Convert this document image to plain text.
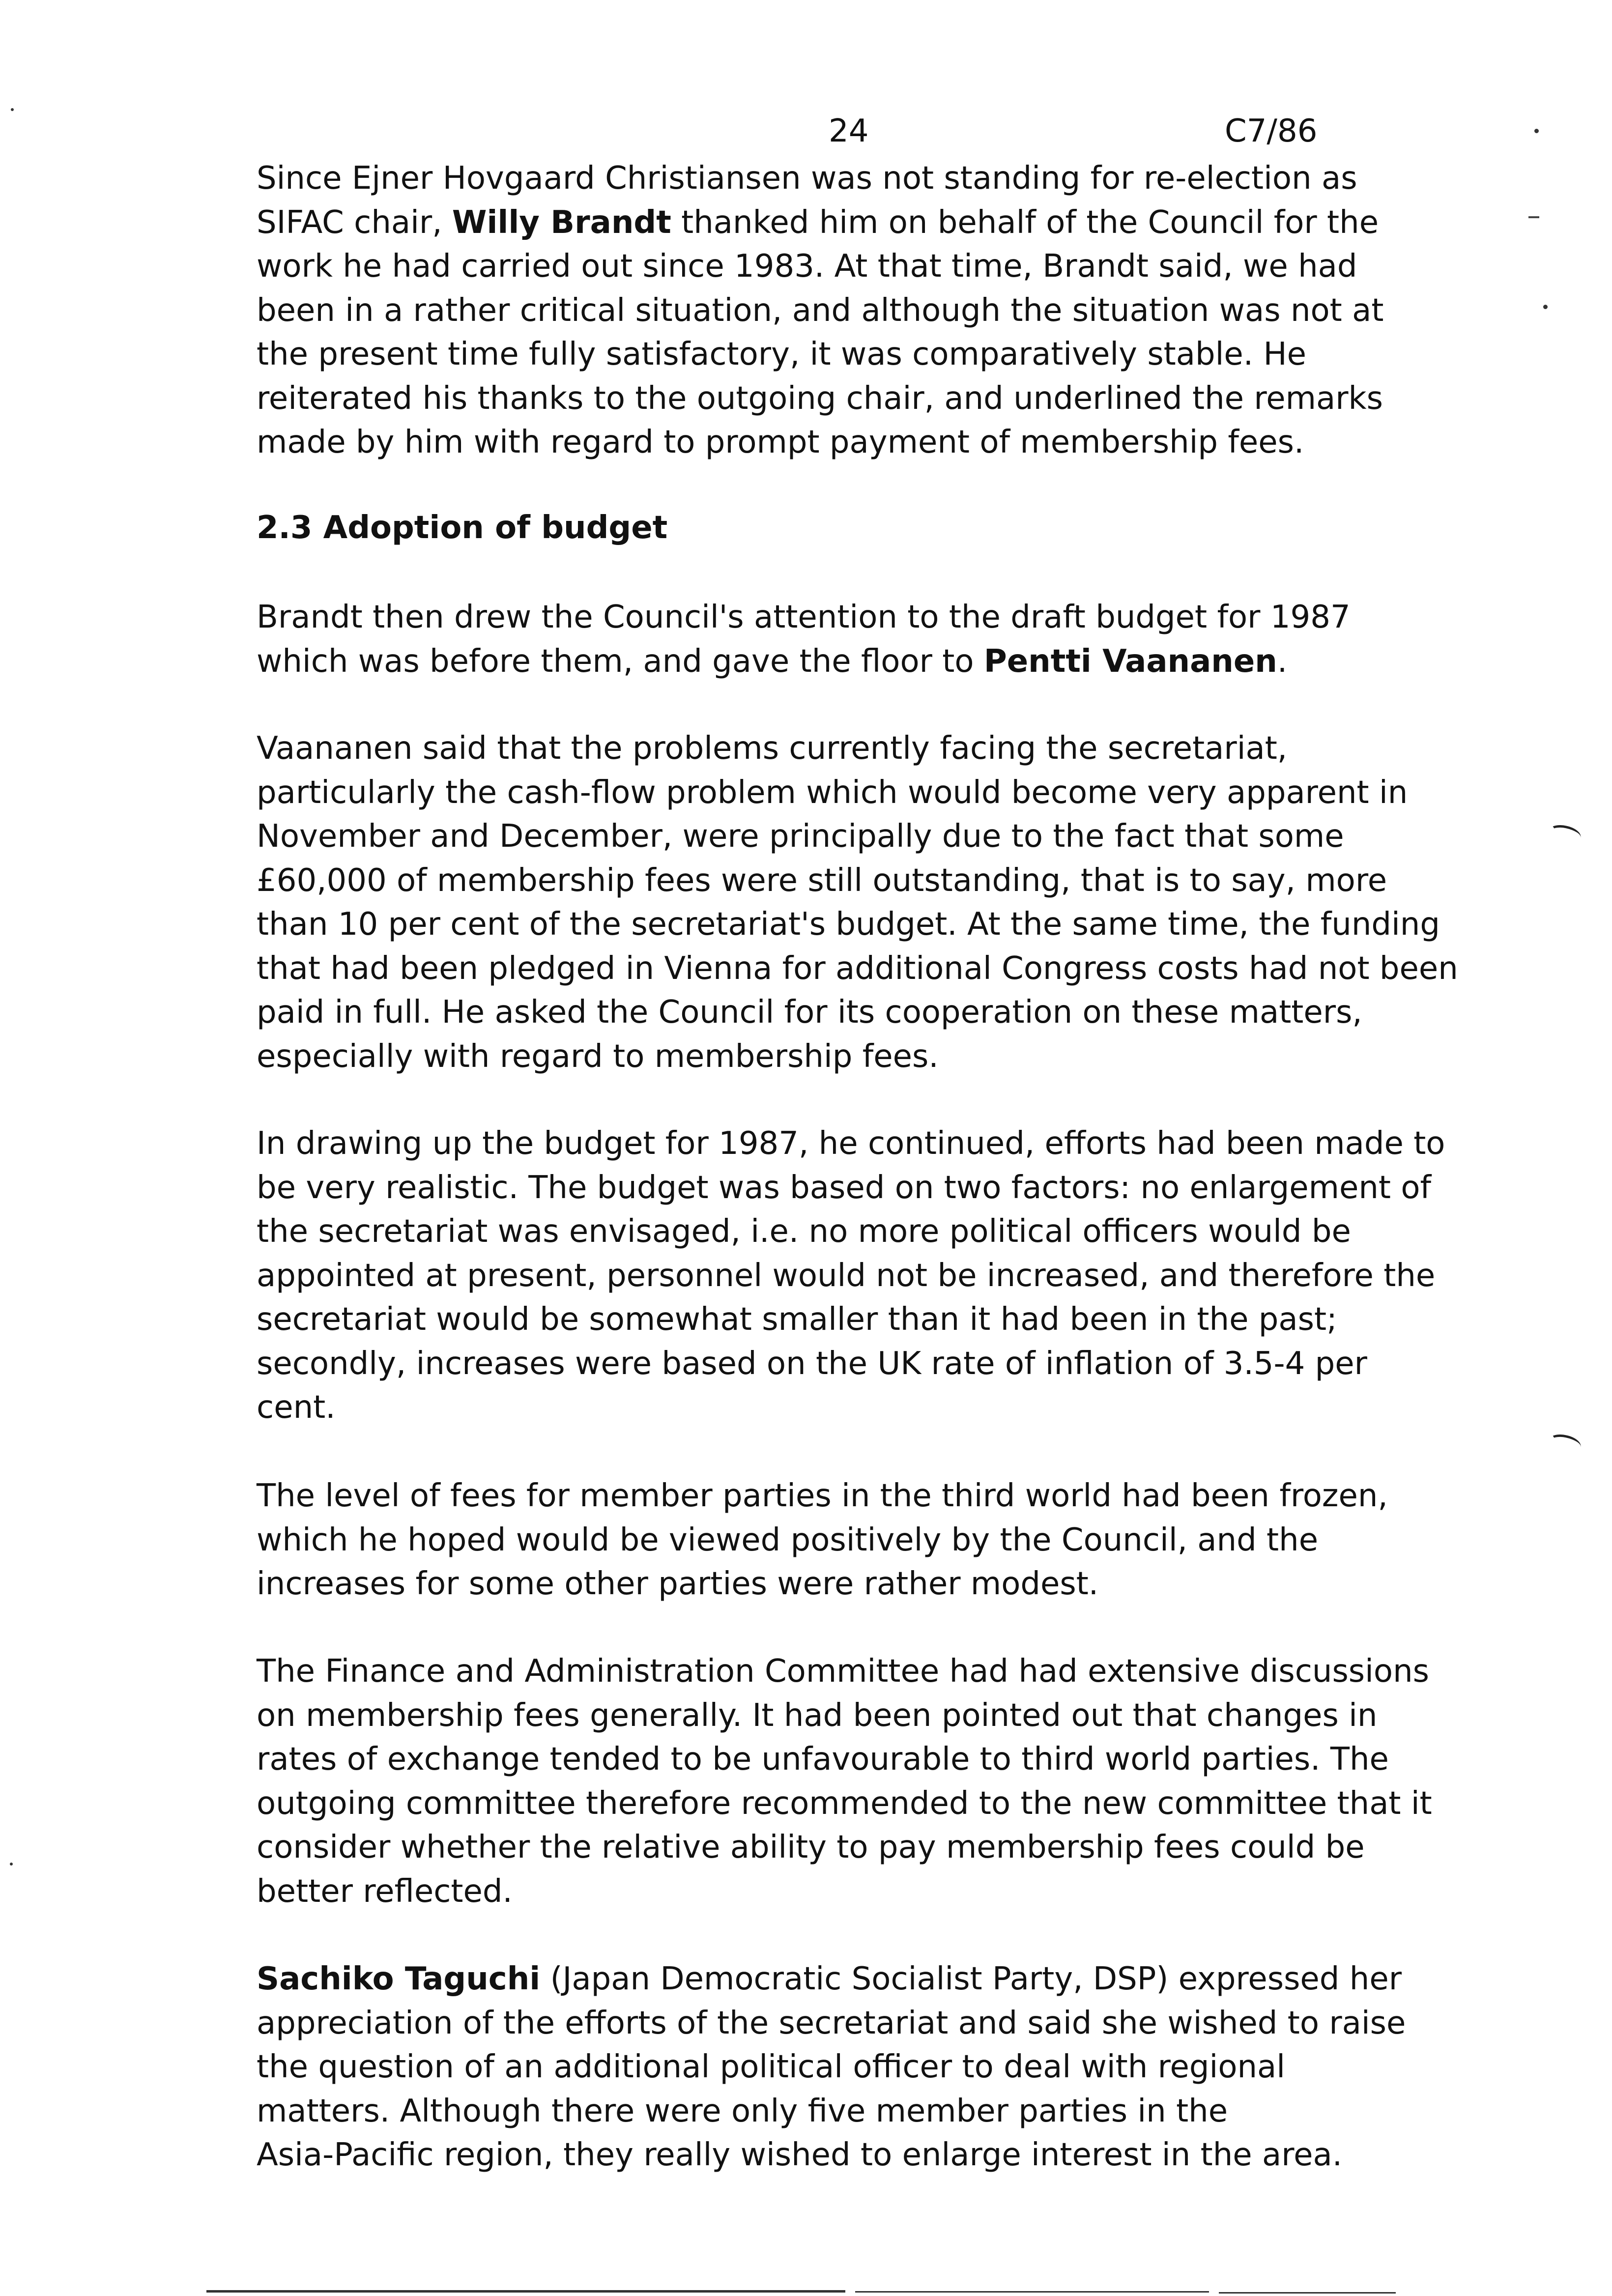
24	C7/86

Since Ejner Hovgaard Christiansen was not standing for re-election as
SIFAC chair, Willy Brandt thanked him on behalf of the Council for the
work he had carried out since 1983. At that time, Brandt said, we had
been in a rather critical situation, and although the situation was not at
the present time fully satisfactory, it was comparatively stable. He
reiterated his thanks to the outgoing chair, and underlined the remarks
made by him with regard to prompt payment of membership fees.

2.3 Adoption of budget

Brandt then drew the Council's attention to the draft budget for 1987
which was before them, and gave the floor to Pentti Vaananen.

Vaananen said that the problems currently facing the secretariat,
particularly the cash-flow problem which would become very apparent in
November and December, were principally due to the fact that some
£60,000 of membership fees were still outstanding, that is to say, more
than 10 per cent of the secretariat's budget. At the same time, the funding
that had been pledged in Vienna for additional Congress costs had not been
paid in full. He asked the Council for its cooperation on these matters,
especially with regard to membership fees.

In drawing up the budget for 1987, he continued, efforts had been made to
be very realistic. The budget was based on two factors: no enlargement of
the secretariat was envisaged, i.e. no more political officers would be
appointed at present, personnel would not be increased, and therefore the
secretariat would be somewhat smaller than it had been in the past;
secondly, increases were based on the UK rate of inflation of 3.5-4 per
cent.

The level of fees for member parties in the third world had been frozen,
which he hoped would be viewed positively by the Council, and the
increases for some other parties were rather modest.

The Finance and Administration Committee had had extensive discussions
on membership fees generally. It had been pointed out that changes in
rates of exchange tended to be unfavourable to third world parties. The
outgoing committee therefore recommended to the new committee that it
consider whether the relative ability to pay membership fees could be
better reflected.

Sachiko Taguchi (Japan Democratic Socialist Party, DSP) expressed her
appreciation of the efforts of the secretariat and said she wished to raise
the question of an additional political officer to deal with regional
matters. Although there were only five member parties in the
Asia-Pacific region, they really wished to enlarge interest in the area.
